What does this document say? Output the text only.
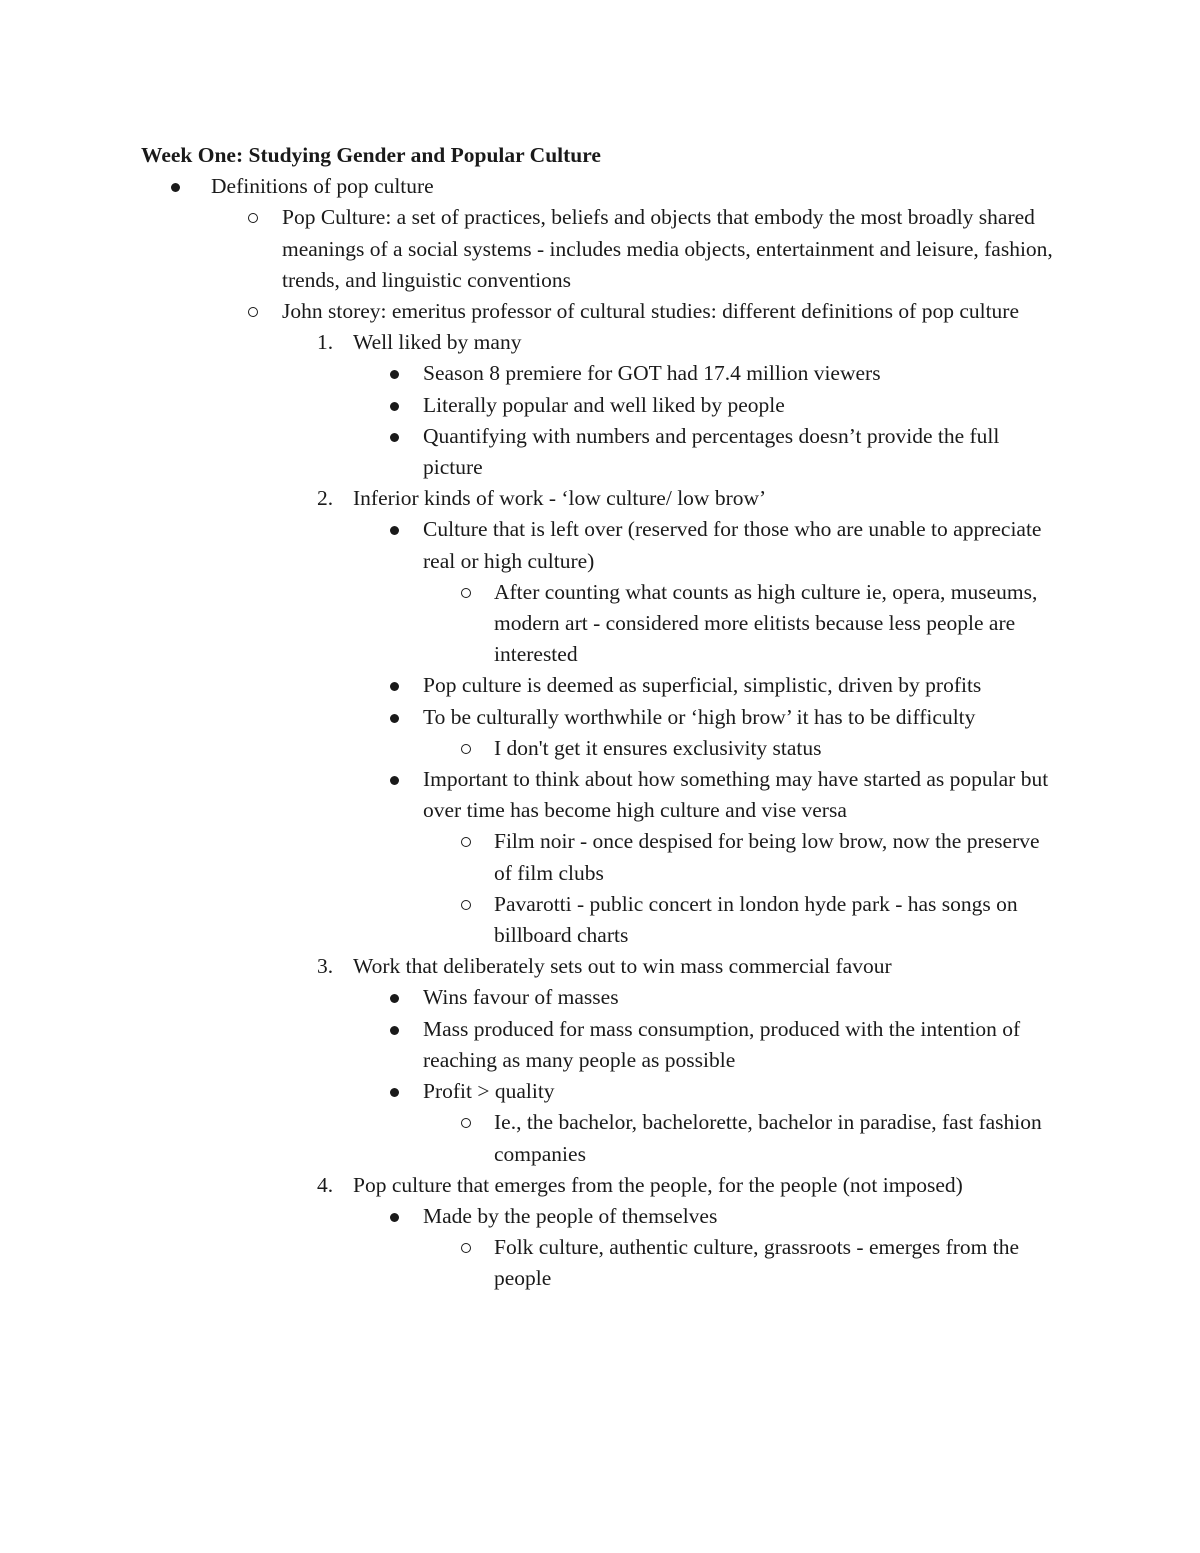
Week One: Studying Gender and Popular Culture

Definitions of pop culture
Pop Culture: a set of practices, beliefs and objects that embody the most broadly shared meanings of a social systems - includes media objects, entertainment and leisure, fashion, trends, and linguistic conventions
John storey: emeritus professor of cultural studies: different definitions of pop culture
1. Well liked by many
Season 8 premiere for GOT had 17.4 million viewers
Literally popular and well liked by people
Quantifying with numbers and percentages doesn’t provide the full picture
2. Inferior kinds of work - ‘low culture/ low brow’
Culture that is left over (reserved for those who are unable to appreciate real or high culture)
After counting what counts as high culture ie, opera, museums, modern art - considered more elitists because less people are interested
Pop culture is deemed as superficial, simplistic, driven by profits
To be culturally worthwhile or ‘high brow’ it has to be difficulty
I don't get it ensures exclusivity status
Important to think about how something may have started as popular but over time has become high culture and vise versa
Film noir - once despised for being low brow, now the preserve of film clubs
Pavarotti - public concert in london hyde park - has songs on billboard charts
3. Work that deliberately sets out to win mass commercial favour
Wins favour of masses
Mass produced for mass consumption, produced with the intention of reaching as many people as possible
Profit > quality
Ie., the bachelor, bachelorette, bachelor in paradise, fast fashion companies
4. Pop culture that emerges from the people, for the people (not imposed)
Made by the people of themselves
Folk culture, authentic culture, grassroots - emerges from the people
